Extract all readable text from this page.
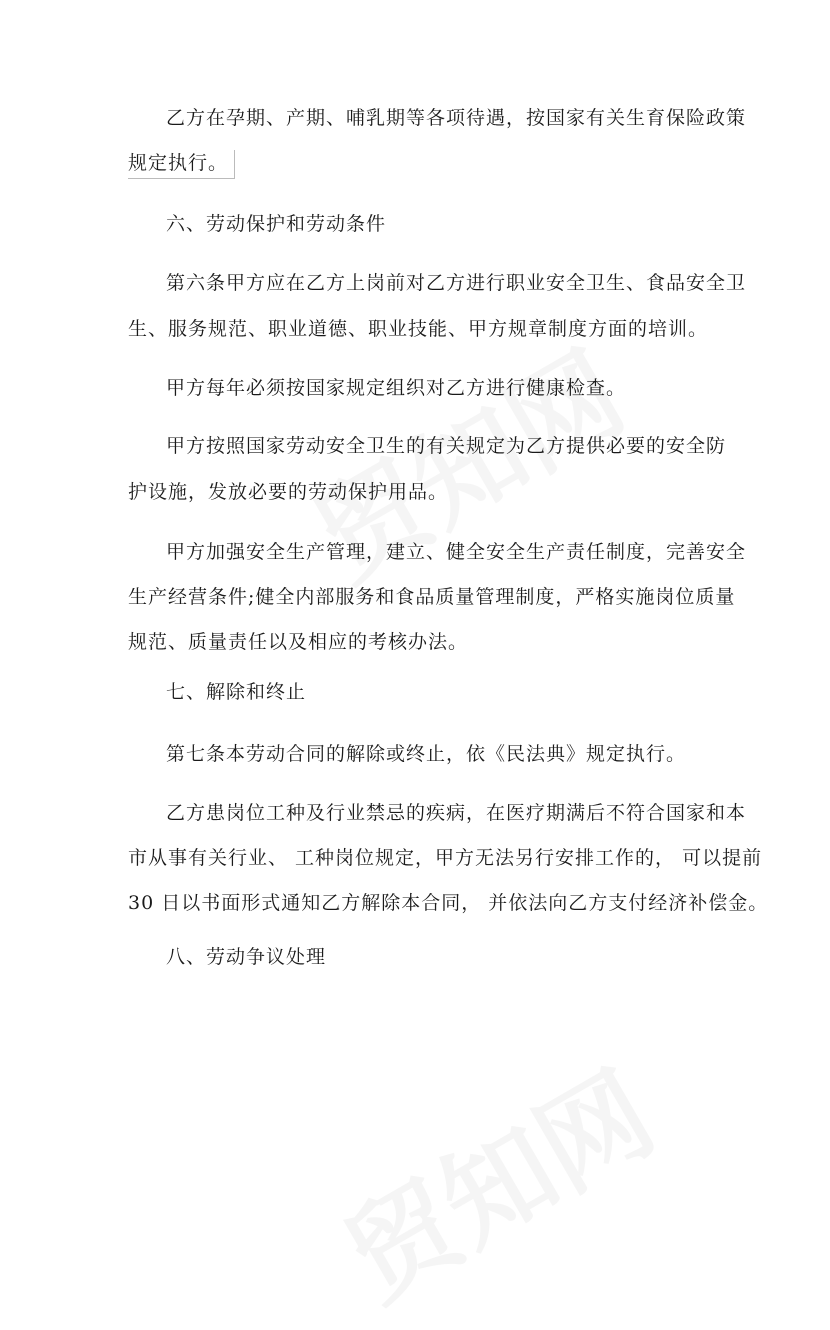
乙方在孕期、产期、哺乳期等各项待遇，按国家有关生育保险政策
规定执行。
六、劳动保护和劳动条件
第六条甲方应在乙方上岗前对乙方进行职业安全卫生、食品安全卫
生、服务规范、职业道德、职业技能、甲方规章制度方面的培训。
甲方每年必须按国家规定组织对乙方进行健康检查。
甲方按照国家劳动安全卫生的有关规定为乙方提供必要的安全防
护设施，发放必要的劳动保护用品。
甲方加强安全生产管理，建立、健全安全生产责任制度，完善安全
生产经营条件;健全内部服务和食品质量管理制度，严格实施岗位质量
规范、质量责任以及相应的考核办法。
七、解除和终止
第七条本劳动合同的解除或终止，依《民法典》规定执行。
乙方患岗位工种及行业禁忌的疾病，在医疗期满后不符合国家和本
市从事有关行业、 工种岗位规定，甲方无法另行安排工作的， 可以提前
30 日以书面形式通知乙方解除本合同， 并依法向乙方支付经济补偿金。
八、劳动争议处理
